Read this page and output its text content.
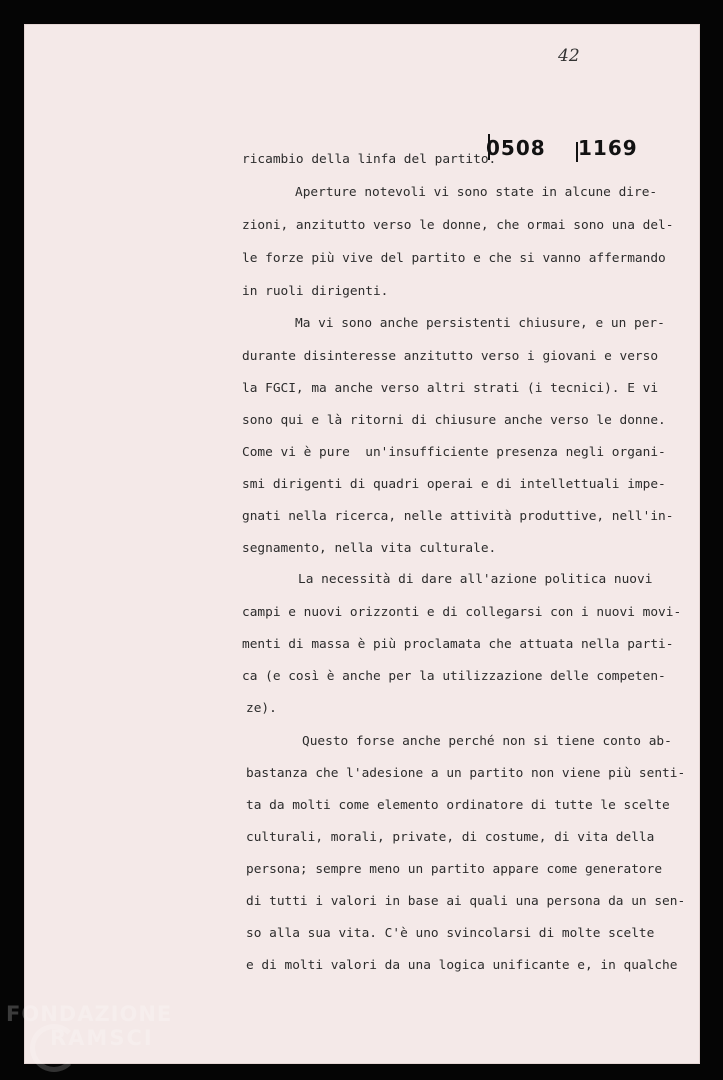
42
0508 1169
ricambio della linfa del partito.
Aperture notevoli vi sono state in alcune dire-
zioni, anzitutto verso le donne, che ormai sono una del-
le forze più vive del partito e che si vanno affermando
in ruoli dirigenti.
Ma vi sono anche persistenti chiusure, e un per-
durante disinteresse anzitutto verso i giovani e verso
la FGCI, ma anche verso altri strati (i tecnici). E vi
sono qui e là ritorni di chiusure anche verso le donne.
Come vi è pure  un'insufficiente presenza negli organi-
smi dirigenti di quadri operai e di intellettuali impe-
gnati nella ricerca, nelle attività produttive, nell'in-
segnamento, nella vita culturale.
La necessità di dare all'azione politica nuovi
campi e nuovi orizzonti e di collegarsi con i nuovi movi-
menti di massa è più proclamata che attuata nella parti-
ca (e così è anche per la utilizzazione delle competen-
ze).
Questo forse anche perché non si tiene conto ab-
bastanza che l'adesione a un partito non viene più senti-
ta da molti come elemento ordinatore di tutte le scelte
culturali, morali, private, di costume, di vita della
persona; sempre meno un partito appare come generatore
di tutti i valori in base ai quali una persona da un sen-
so alla sua vita. C'è uno svincolarsi di molte scelte
e di molti valori da una logica unificante e, in qualche
FONDAZIONE
RAMSCI
